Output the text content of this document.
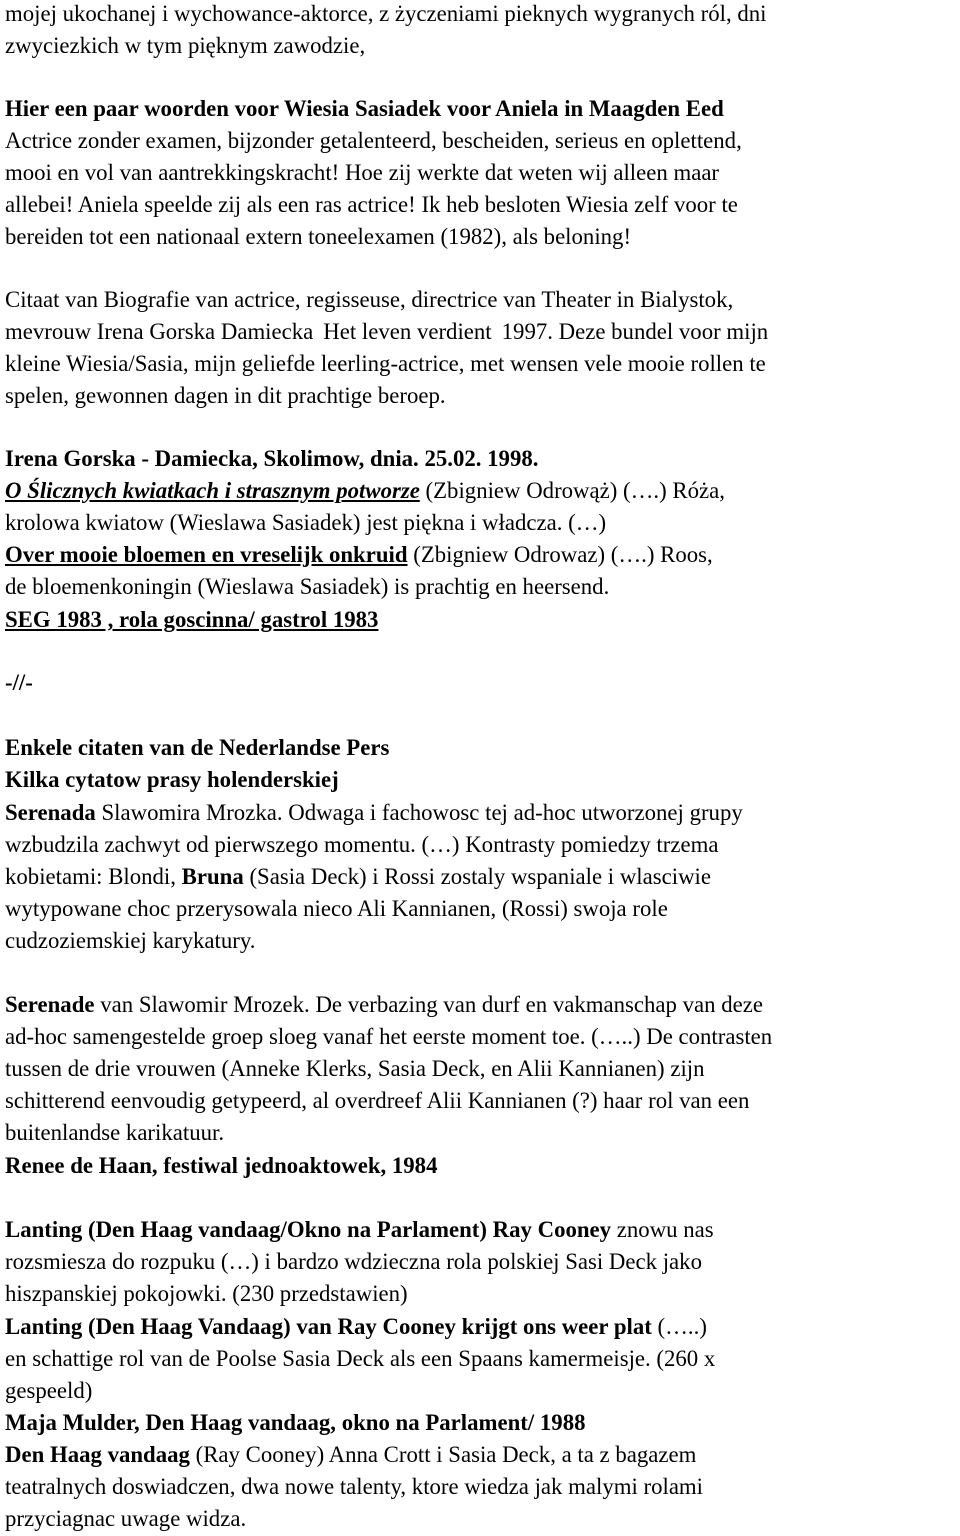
mojej ukochanej i wychowance-aktorce, z życzeniami pieknych wygranych ról, dni
zwyciezkich w tym pięknym zawodzie,
Hier een paar woorden voor Wiesia Sasiadek voor Aniela in Maagden Eed
Actrice zonder examen, bijzonder getalenteerd, bescheiden, serieus en oplettend,
mooi en vol van aantrekkingskracht! Hoe zij werkte dat weten wij alleen maar
allebei! Aniela speelde zij als een ras actrice! Ik heb besloten Wiesia zelf voor te
bereiden tot een nationaal extern toneelexamen (1982), als beloning!
Citaat van Biografie van actrice, regisseuse, directrice van Theater in Bialystok,
mevrouw Irena Gorska Damiecka Het leven verdient 1997. Deze bundel voor mijn
kleine Wiesia/Sasia, mijn geliefde leerling-actrice, met wensen vele mooie rollen te
spelen, gewonnen dagen in dit prachtige beroep.
Irena Gorska - Damiecka, Skolimow, dnia. 25.02. 1998.
O Ślicznych kwiatkach i strasznym potworze (Zbigniew Odrowąż) (….) Róża,
krolowa kwiatow (Wieslawa Sasiadek) jest piękna i władcza. (…)
Over mooie bloemen en vreselijk onkruid (Zbigniew Odrowaz) (….) Roos,
de bloemenkoningin (Wieslawa Sasiadek) is prachtig en heersend.
SEG 1983 , rola goscinna/ gastrol 1983
-//-
Enkele citaten van de Nederlandse Pers
Kilka cytatow prasy holenderskiej
Serenada Slawomira Mrozka. Odwaga i fachowosc tej ad-hoc utworzonej grupy
wzbudzila zachwyt od pierwszego momentu. (…) Kontrasty pomiedzy trzema
kobietami: Blondi, Bruna (Sasia Deck) i Rossi zostaly wspaniale i wlasciwie
wytypowane choc przerysowala nieco Ali Kannianen, (Rossi) swoja role
cudzoziemskiej karykatury.
Serenade van Slawomir Mrozek. De verbazing van durf en vakmanschap van deze
ad-hoc samengestelde groep sloeg vanaf het eerste moment toe. (…..) De contrasten
tussen de drie vrouwen (Anneke Klerks, Sasia Deck, en Alii Kannianen) zijn
schitterend eenvoudig getypeerd, al overdreef Alii Kannianen (?) haar rol van een
buitenlandse karikatuur.
Renee de Haan, festiwal jednoaktowek, 1984
Lanting (Den Haag vandaag/Okno na Parlament) Ray Cooney znowu nas
rozsmiesza do rozpuku (…) i bardzo wdzieczna rola polskiej Sasi Deck jako
hiszpanskiej pokojowki. (230 przedstawien)
Lanting (Den Haag Vandaag) van Ray Cooney krijgt ons weer plat (…..)
en schattige rol van de Poolse Sasia Deck als een Spaans kamermeisje. (260 x
gespeeld)
Maja Mulder, Den Haag vandaag, okno na Parlament/ 1988
Den Haag vandaag (Ray Cooney) Anna Crott i Sasia Deck, a ta z bagazem
teatralnych doswiadczen, dwa nowe talenty, ktore wiedza jak malymi rolami
przyciagnac uwage widza.
